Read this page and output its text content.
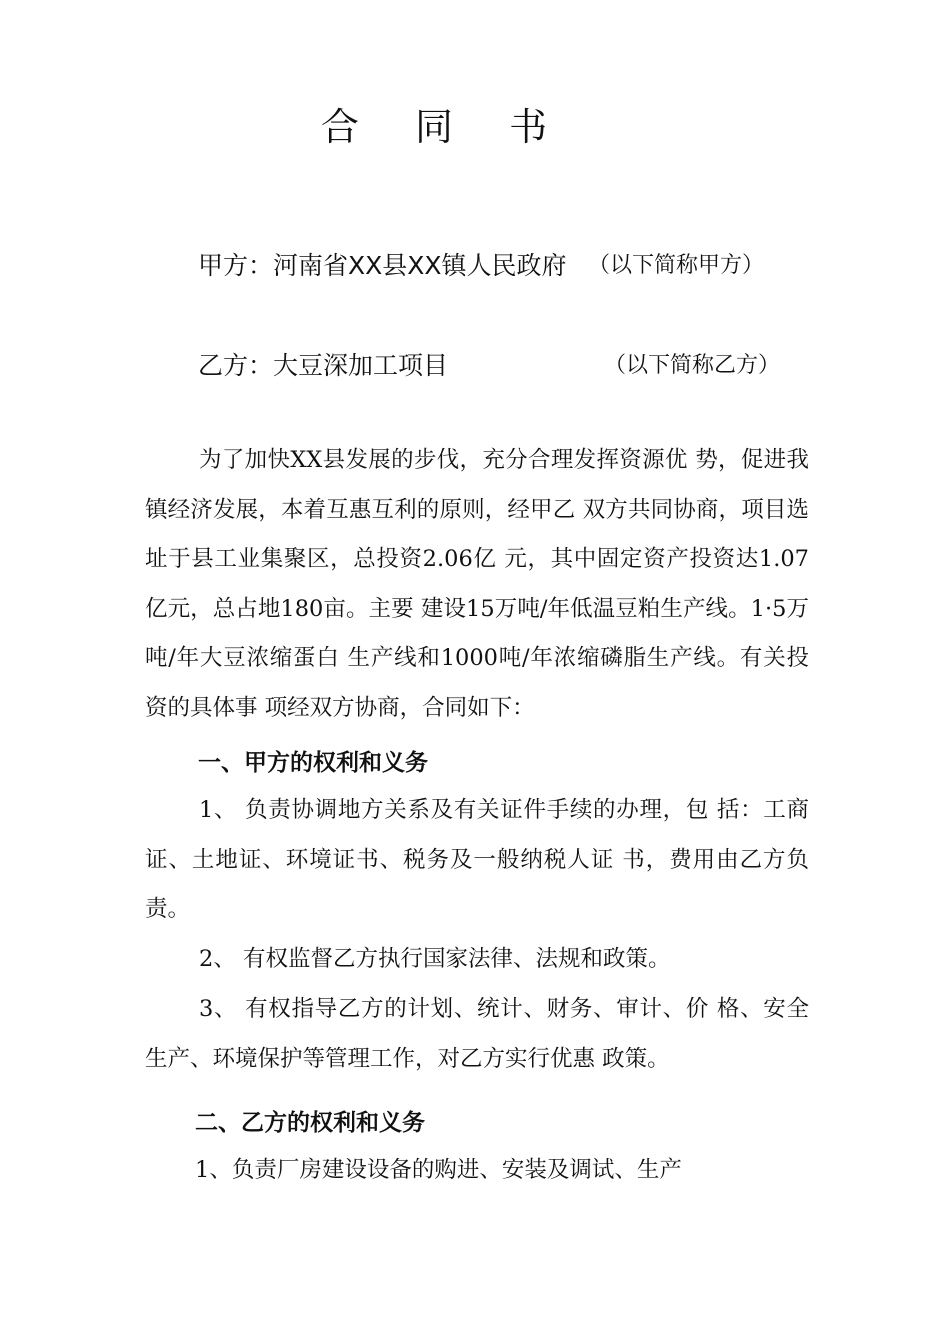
合 同 书
甲方：河南省XX县XX镇人民政府 （以下简称甲方）
乙方：大豆深加工项目	（以下简称乙方）
为了加快XX县发展的步伐，充分合理发挥资源优 势，促进我镇经济发展，本着互惠互利的原则，经甲乙 双方共同协商，项目选址于县工业集聚区，总投资2.06亿 元，其中固定资产投资达1.07亿元，总占地180亩。主要 建设15万吨/年低温豆粕生产线。1·5万吨/年大豆浓缩蛋白 生产线和1000吨/年浓缩磷脂生产线。有关投资的具体事 项经双方协商，合同如下：
一、甲方的权利和义务
1、 负责协调地方关系及有关证件手续的办理，包 括：工商证、土地证、环境证书、税务及一般纳税人证 书，费用由乙方负责。
2、 有权监督乙方执行国家法律、法规和政策。
3、 有权指导乙方的计划、统计、财务、审计、价 格、安全生产、环境保护等管理工作，对乙方实行优惠 政策。
二、乙方的权利和义务
1、负责厂房建设设备的购进、安装及调试、生产
